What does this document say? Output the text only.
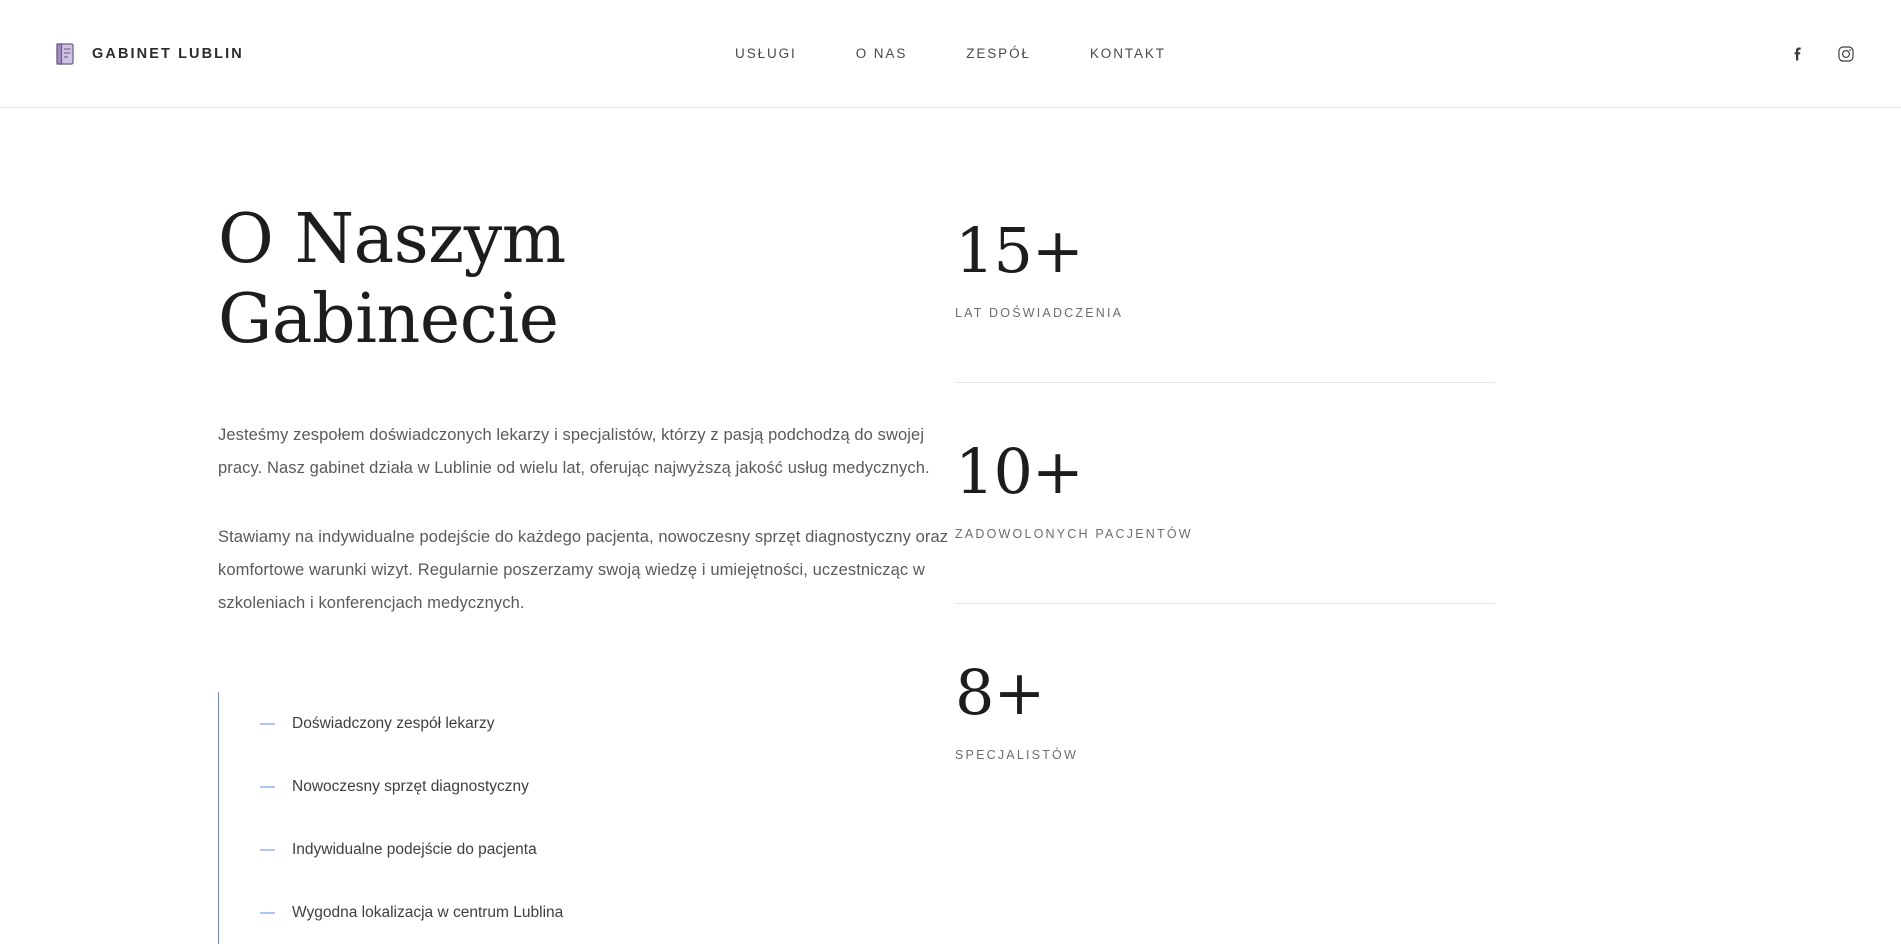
GABINET LUBLIN	USŁUGI	O NAS	ZESPÓŁ	KONTAKT
O Naszym Gabinecie

Jesteśmy zespołem doświadczonych lekarzy i specjalistów, którzy z pasją podchodzą do swojej pracy. Nasz gabinet działa w Lublinie od wielu lat, oferując najwyższą jakość usług medycznych.

Stawiamy na indywidualne podejście do każdego pacjenta, nowoczesny sprzęt diagnostyczny oraz komfortowe warunki wizyt. Regularnie poszerzamy swoją wiedzę i umiejętności, uczestnicząc w szkoleniach i konferencjach medycznych.

— Doświadczony zespół lekarzy
— Nowoczesny sprzęt diagnostyczny
— Indywidualne podejście do pacjenta
— Wygodna lokalizacja w centrum Lublina
15+
LAT DOŚWIADCZENIA
10+
ZADOWOLONYCH PACJENTÓW
8+
SPECJALISTÓW
